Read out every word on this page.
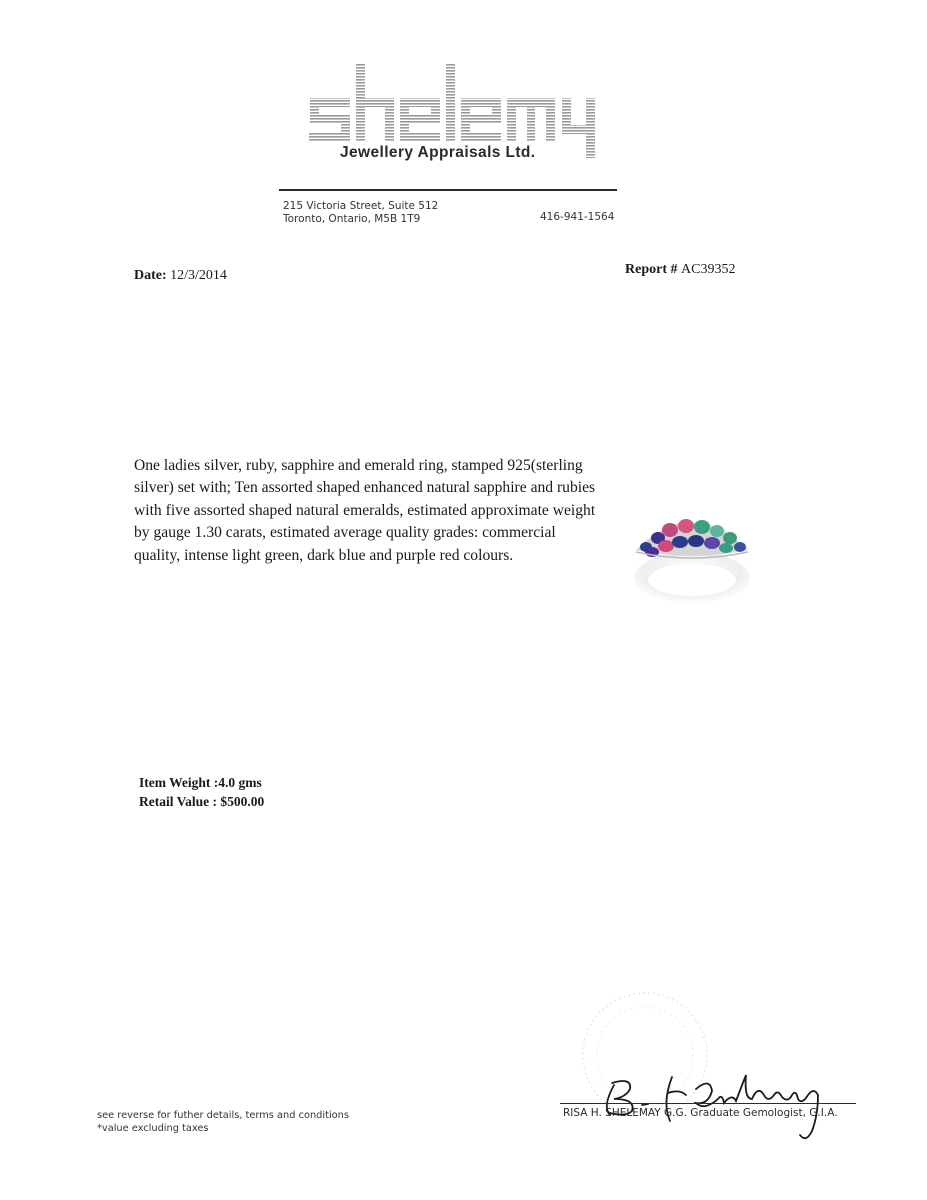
Jewellery Appraisals Ltd.
215 Victoria Street, Suite 512
Toronto, Ontario, M5B 1T9	416-941-1564
Date: 12/3/2014	Report # AC39352
One ladies silver, ruby, sapphire and emerald ring, stamped 925(sterling silver) set with; Ten assorted shaped enhanced natural sapphire and rubies with five assorted shaped natural emeralds, estimated approximate weight by gauge 1.30 carats, estimated average quality grades: commercial quality, intense light green, dark blue and purple red colours.
Item Weight :4.0 gms
Retail Value : $500.00
see reverse for futher details, terms and conditions
*value excluding taxes
RISA H. SHELEMAY G.G. Graduate Gemologist, G.I.A.
